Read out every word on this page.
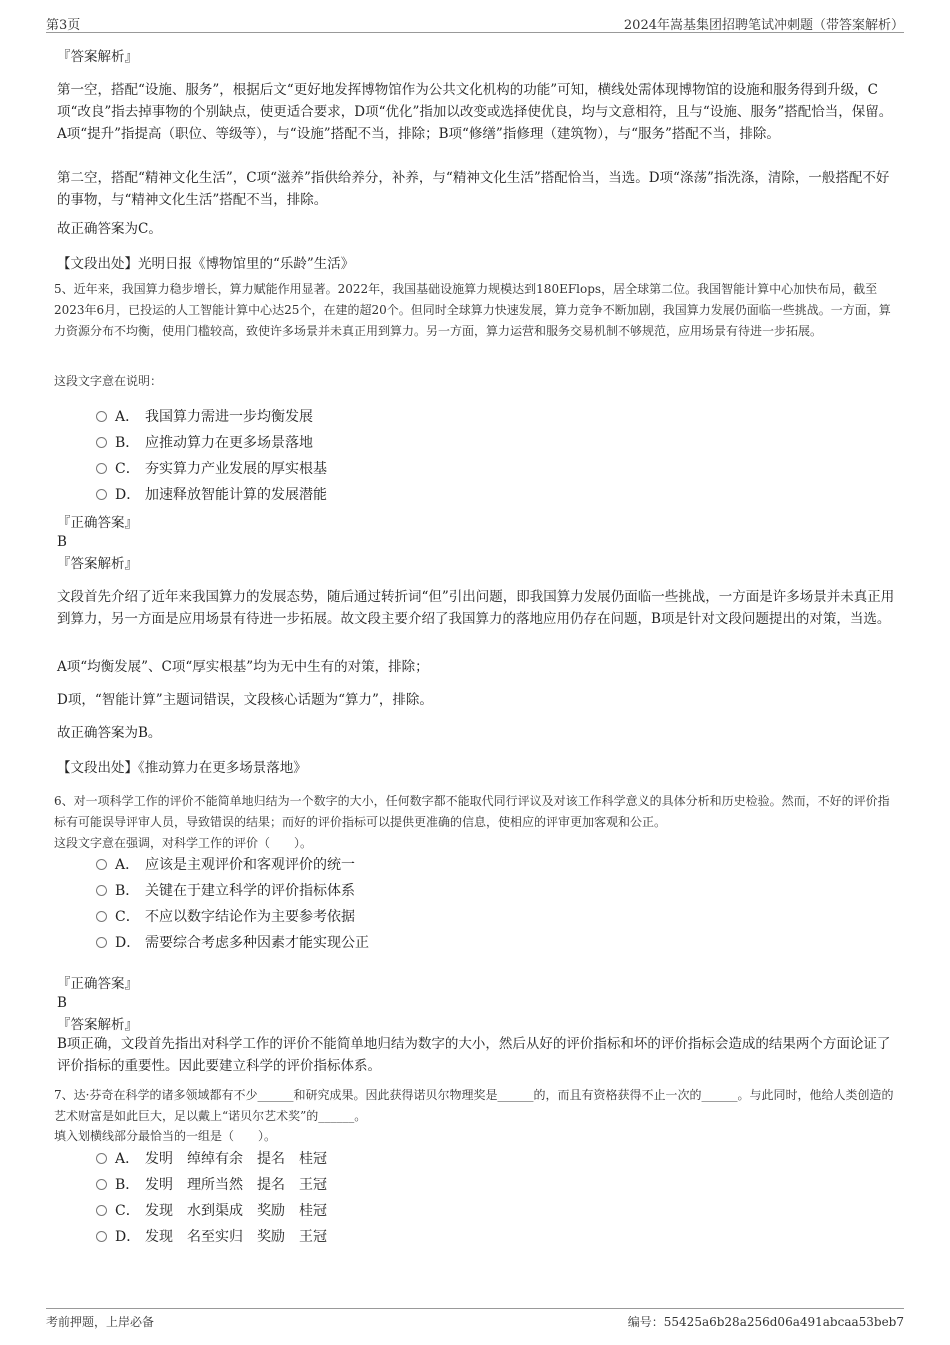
第3页	2024年嵩基集团招聘笔试冲刺题（带答案解析）
『答案解析』
第一空，搭配“设施、服务”，根据后文“更好地发挥博物馆作为公共文化机构的功能”可知，横线处需体现博物馆的设施和服务得到升级，C项“改良”指去掉事物的个别缺点，使更适合要求，D项“优化”指加以改变或选择使优良，均与文意相符，且与“设施、服务”搭配恰当，保留。A项“提升”指提高（职位、等级等），与“设施”搭配不当，排除；B项“修缮”指修理（建筑物），与“服务”搭配不当，排除。
第二空，搭配“精神文化生活”，C项“滋养”指供给养分，补养，与“精神文化生活”搭配恰当，当选。D项“涤荡”指洗涤，清除，一般搭配不好的事物，与“精神文化生活”搭配不当，排除。
故正确答案为C。
【文段出处】光明日报《博物馆里的“乐龄”生活》
5、近年来，我国算力稳步增长，算力赋能作用显著。2022年，我国基础设施算力规模达到180EFlops，居全球第二位。我国智能计算中心加快布局，截至2023年6月，已投运的人工智能计算中心达25个，在建的超20个。但同时全球算力快速发展，算力竞争不断加剧，我国算力发展仍面临一些挑战。一方面，算力资源分布不均衡，使用门槛较高，致使许多场景并未真正用到算力。另一方面，算力运营和服务交易机制不够规范，应用场景有待进一步拓展。
这段文字意在说明：
A． 我国算力需进一步均衡发展
B． 应推动算力在更多场景落地
C． 夯实算力产业发展的厚实根基
D． 加速释放智能计算的发展潜能
『正确答案』
B
『答案解析』
文段首先介绍了近年来我国算力的发展态势，随后通过转折词“但”引出问题，即我国算力发展仍面临一些挑战，一方面是许多场景并未真正用到算力，另一方面是应用场景有待进一步拓展。故文段主要介绍了我国算力的落地应用仍存在问题，B项是针对文段问题提出的对策，当选。
A项“均衡发展”、C项“厚实根基”均为无中生有的对策，排除；
D项，“智能计算”主题词错误，文段核心话题为“算力”，排除。
故正确答案为B。
【文段出处】《推动算力在更多场景落地》
6、对一项科学工作的评价不能简单地归结为一个数字的大小，任何数字都不能取代同行评议及对该工作科学意义的具体分析和历史检验。然而，不好的评价指标有可能误导评审人员，导致错误的结果；而好的评价指标可以提供更准确的信息，使相应的评审更加客观和公正。
这段文字意在强调，对科学工作的评价（　　）。
A． 应该是主观评价和客观评价的统一
B． 关键在于建立科学的评价指标体系
C． 不应以数字结论作为主要参考依据
D． 需要综合考虑多种因素才能实现公正
『正确答案』
B
『答案解析』
B项正确，文段首先指出对科学工作的评价不能简单地归结为数字的大小，然后从好的评价指标和坏的评价指标会造成的结果两个方面论证了评价指标的重要性。因此要建立科学的评价指标体系。
7、达·芬奇在科学的诸多领域都有不少______和研究成果。因此获得诺贝尔物理奖是______的，而且有资格获得不止一次的______。与此同时，他给人类创造的艺术财富是如此巨大，足以戴上“诺贝尔艺术奖”的______。
填入划横线部分最恰当的一组是（　　）。
A． 发明 绰绰有余 提名 桂冠
B． 发明 理所当然 提名 王冠
C． 发现 水到渠成 奖励 桂冠
D． 发现 名至实归 奖励 王冠
考前押题，上岸必备	编号：55425a6b28a256d06a491abcaa53beb7
